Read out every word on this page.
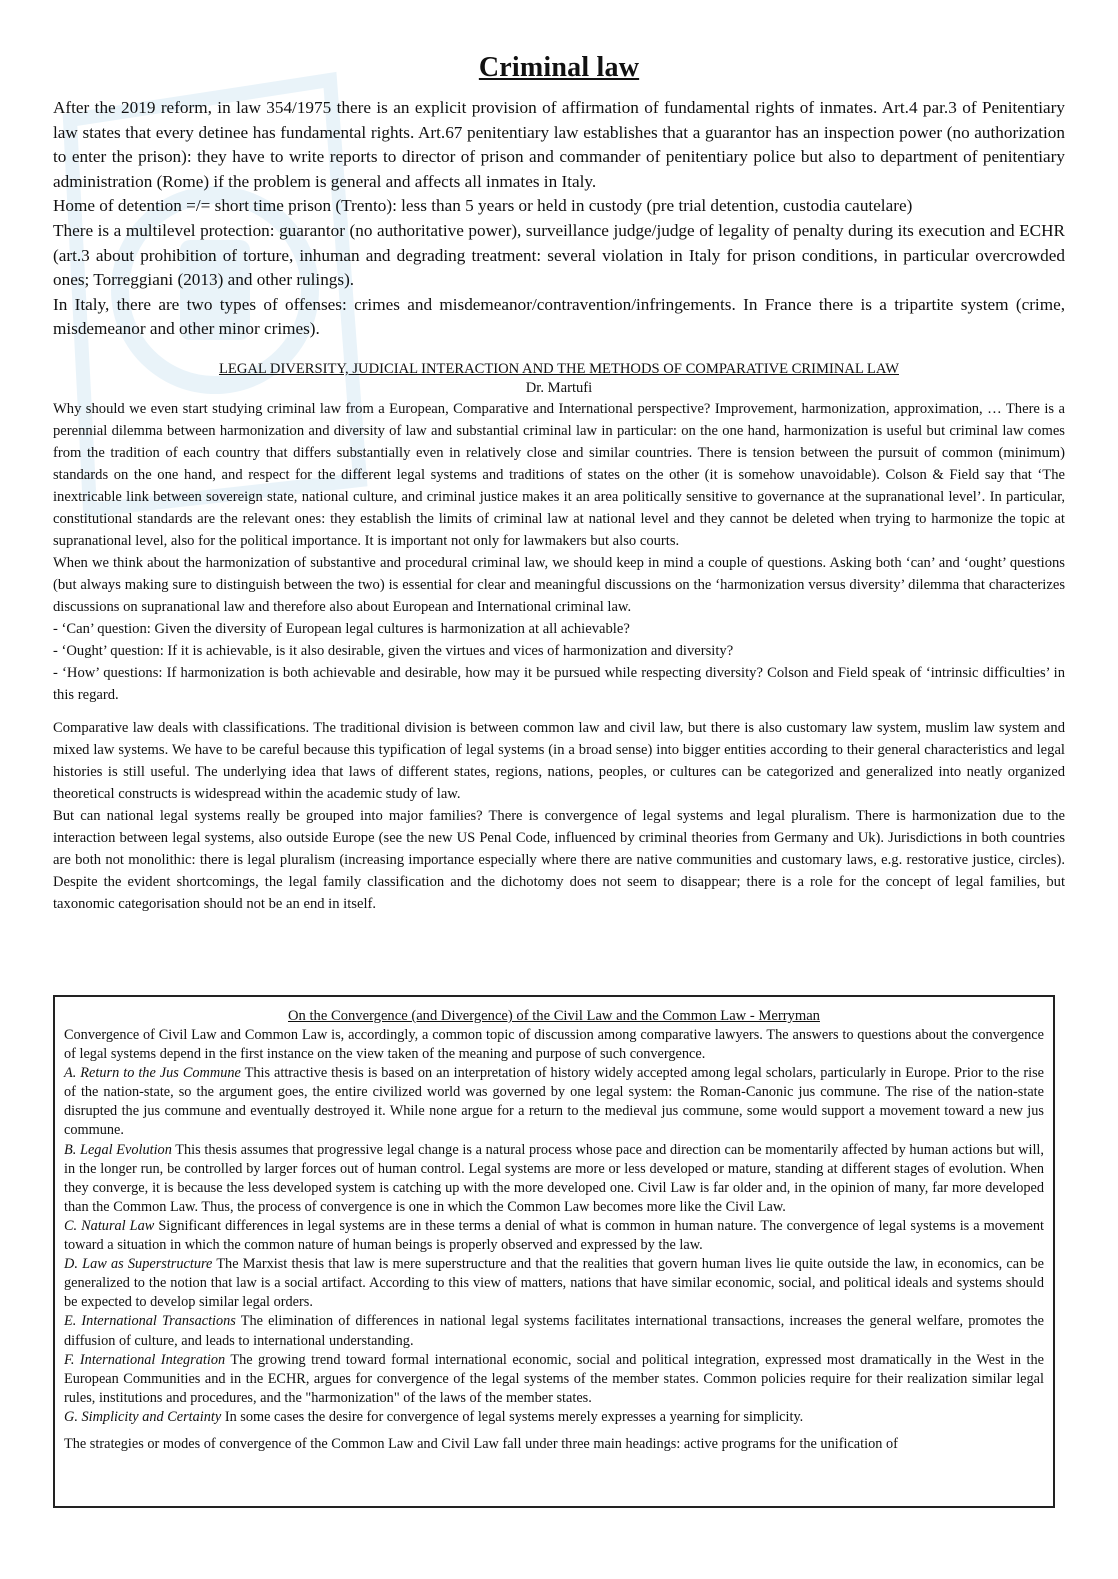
Criminal law

After the 2019 reform, in law 354/1975 there is an explicit provision of affirmation of fundamental rights of inmates. Art.4 par.3 of Penitentiary law states that every detinee has fundamental rights. Art.67 penitentiary law establishes that a guarantor has an inspection power (no authorization to enter the prison): they have to write reports to director of prison and commander of penitentiary police but also to department of penitentiary administration (Rome) if the problem is general and affects all inmates in Italy.

Home of detention =/= short time prison (Trento): less than 5 years or held in custody (pre trial detention, custodia cautelare)

There is a multilevel protection: guarantor (no authoritative power), surveillance judge/judge of legality of penalty during its execution and ECHR (art.3 about prohibition of torture, inhuman and degrading treatment: several violation in Italy for prison conditions, in particular overcrowded ones; Torreggiani (2013) and other rulings).

In Italy, there are two types of offenses: crimes and misdemeanor/contravention/infringements. In France there is a tripartite system (crime, misdemeanor and other minor crimes).

LEGAL DIVERSITY, JUDICIAL INTERACTION AND THE METHODS OF COMPARATIVE CRIMINAL LAW
Dr. Martufi

Why should we even start studying criminal law from a European, Comparative and International perspective? Improvement, harmonization, approximation, … There is a perennial dilemma between harmonization and diversity of law and substantial criminal law in particular: on the one hand, harmonization is useful but criminal law comes from the tradition of each country that differs substantially even in relatively close and similar countries. There is tension between the pursuit of common (minimum) standards on the one hand, and respect for the different legal systems and traditions of states on the other (it is somehow unavoidable). Colson & Field say that ‘The inextricable link between sovereign state, national culture, and criminal justice makes it an area politically sensitive to governance at the supranational level’. In particular, constitutional standards are the relevant ones: they establish the limits of criminal law at national level and they cannot be deleted when trying to harmonize the topic at supranational level, also for the political importance. It is important not only for lawmakers but also courts.

When we think about the harmonization of substantive and procedural criminal law, we should keep in mind a couple of questions. Asking both ‘can’ and ‘ought’ questions (but always making sure to distinguish between the two) is essential for clear and meaningful discussions on the ‘harmonization versus diversity’ dilemma that characterizes discussions on supranational law and therefore also about European and International criminal law.

- ‘Can’ question: Given the diversity of European legal cultures is harmonization at all achievable?

- ‘Ought’ question: If it is achievable, is it also desirable, given the virtues and vices of harmonization and diversity?

- ‘How’ questions: If harmonization is both achievable and desirable, how may it be pursued while respecting diversity? Colson and Field speak of ‘intrinsic difficulties’ in this regard.

Comparative law deals with classifications. The traditional division is between common law and civil law, but there is also customary law system, muslim law system and mixed law systems. We have to be careful because this typification of legal systems (in a broad sense) into bigger entities according to their general characteristics and legal histories is still useful. The underlying idea that laws of different states, regions, nations, peoples, or cultures can be categorized and generalized into neatly organized theoretical constructs is widespread within the academic study of law.

But can national legal systems really be grouped into major families? There is convergence of legal systems and legal pluralism. There is harmonization due to the interaction between legal systems, also outside Europe (see the new US Penal Code, influenced by criminal theories from Germany and Uk). Jurisdictions in both countries are both not monolithic: there is legal pluralism (increasing importance especially where there are native communities and customary laws, e.g. restorative justice, circles). Despite the evident shortcomings, the legal family classification and the dichotomy does not seem to disappear; there is a role for the concept of legal families, but taxonomic categorisation should not be an end in itself.

On the Convergence (and Divergence) of the Civil Law and the Common Law - Merryman

Convergence of Civil Law and Common Law is, accordingly, a common topic of discussion among comparative lawyers. The answers to questions about the convergence of legal systems depend in the first instance on the view taken of the meaning and purpose of such convergence.

A. Return to the Jus Commune This attractive thesis is based on an interpretation of history widely accepted among legal scholars, particularly in Europe. Prior to the rise of the nation-state, so the argument goes, the entire civilized world was governed by one legal system: the Roman-Canonic jus commune. The rise of the nation-state disrupted the jus commune and eventually destroyed it. While none argue for a return to the medieval jus commune, some would support a movement toward a new jus commune.

B. Legal Evolution This thesis assumes that progressive legal change is a natural process whose pace and direction can be momentarily affected by human actions but will, in the longer run, be controlled by larger forces out of human control. Legal systems are more or less developed or mature, standing at different stages of evolution. When they converge, it is because the less developed system is catching up with the more developed one. Civil Law is far older and, in the opinion of many, far more developed than the Common Law. Thus, the process of convergence is one in which the Common Law becomes more like the Civil Law.

C. Natural Law Significant differences in legal systems are in these terms a denial of what is common in human nature. The convergence of legal systems is a movement toward a situation in which the common nature of human beings is properly observed and expressed by the law.

D. Law as Superstructure The Marxist thesis that law is mere superstructure and that the realities that govern human lives lie quite outside the law, in economics, can be generalized to the notion that law is a social artifact. According to this view of matters, nations that have similar economic, social, and political ideals and systems should be expected to develop similar legal orders.

E. International Transactions The elimination of differences in national legal systems facilitates international transactions, increases the general welfare, promotes the diffusion of culture, and leads to international understanding.

F. International Integration The growing trend toward formal international economic, social and political integration, expressed most dramatically in the West in the European Communities and in the ECHR, argues for convergence of the legal systems of the member states. Common policies require for their realization similar legal rules, institutions and procedures, and the "harmonization" of the laws of the member states.

G. Simplicity and Certainty In some cases the desire for convergence of legal systems merely expresses a yearning for simplicity.

The strategies or modes of convergence of the Common Law and Civil Law fall under three main headings: active programs for the unification of
